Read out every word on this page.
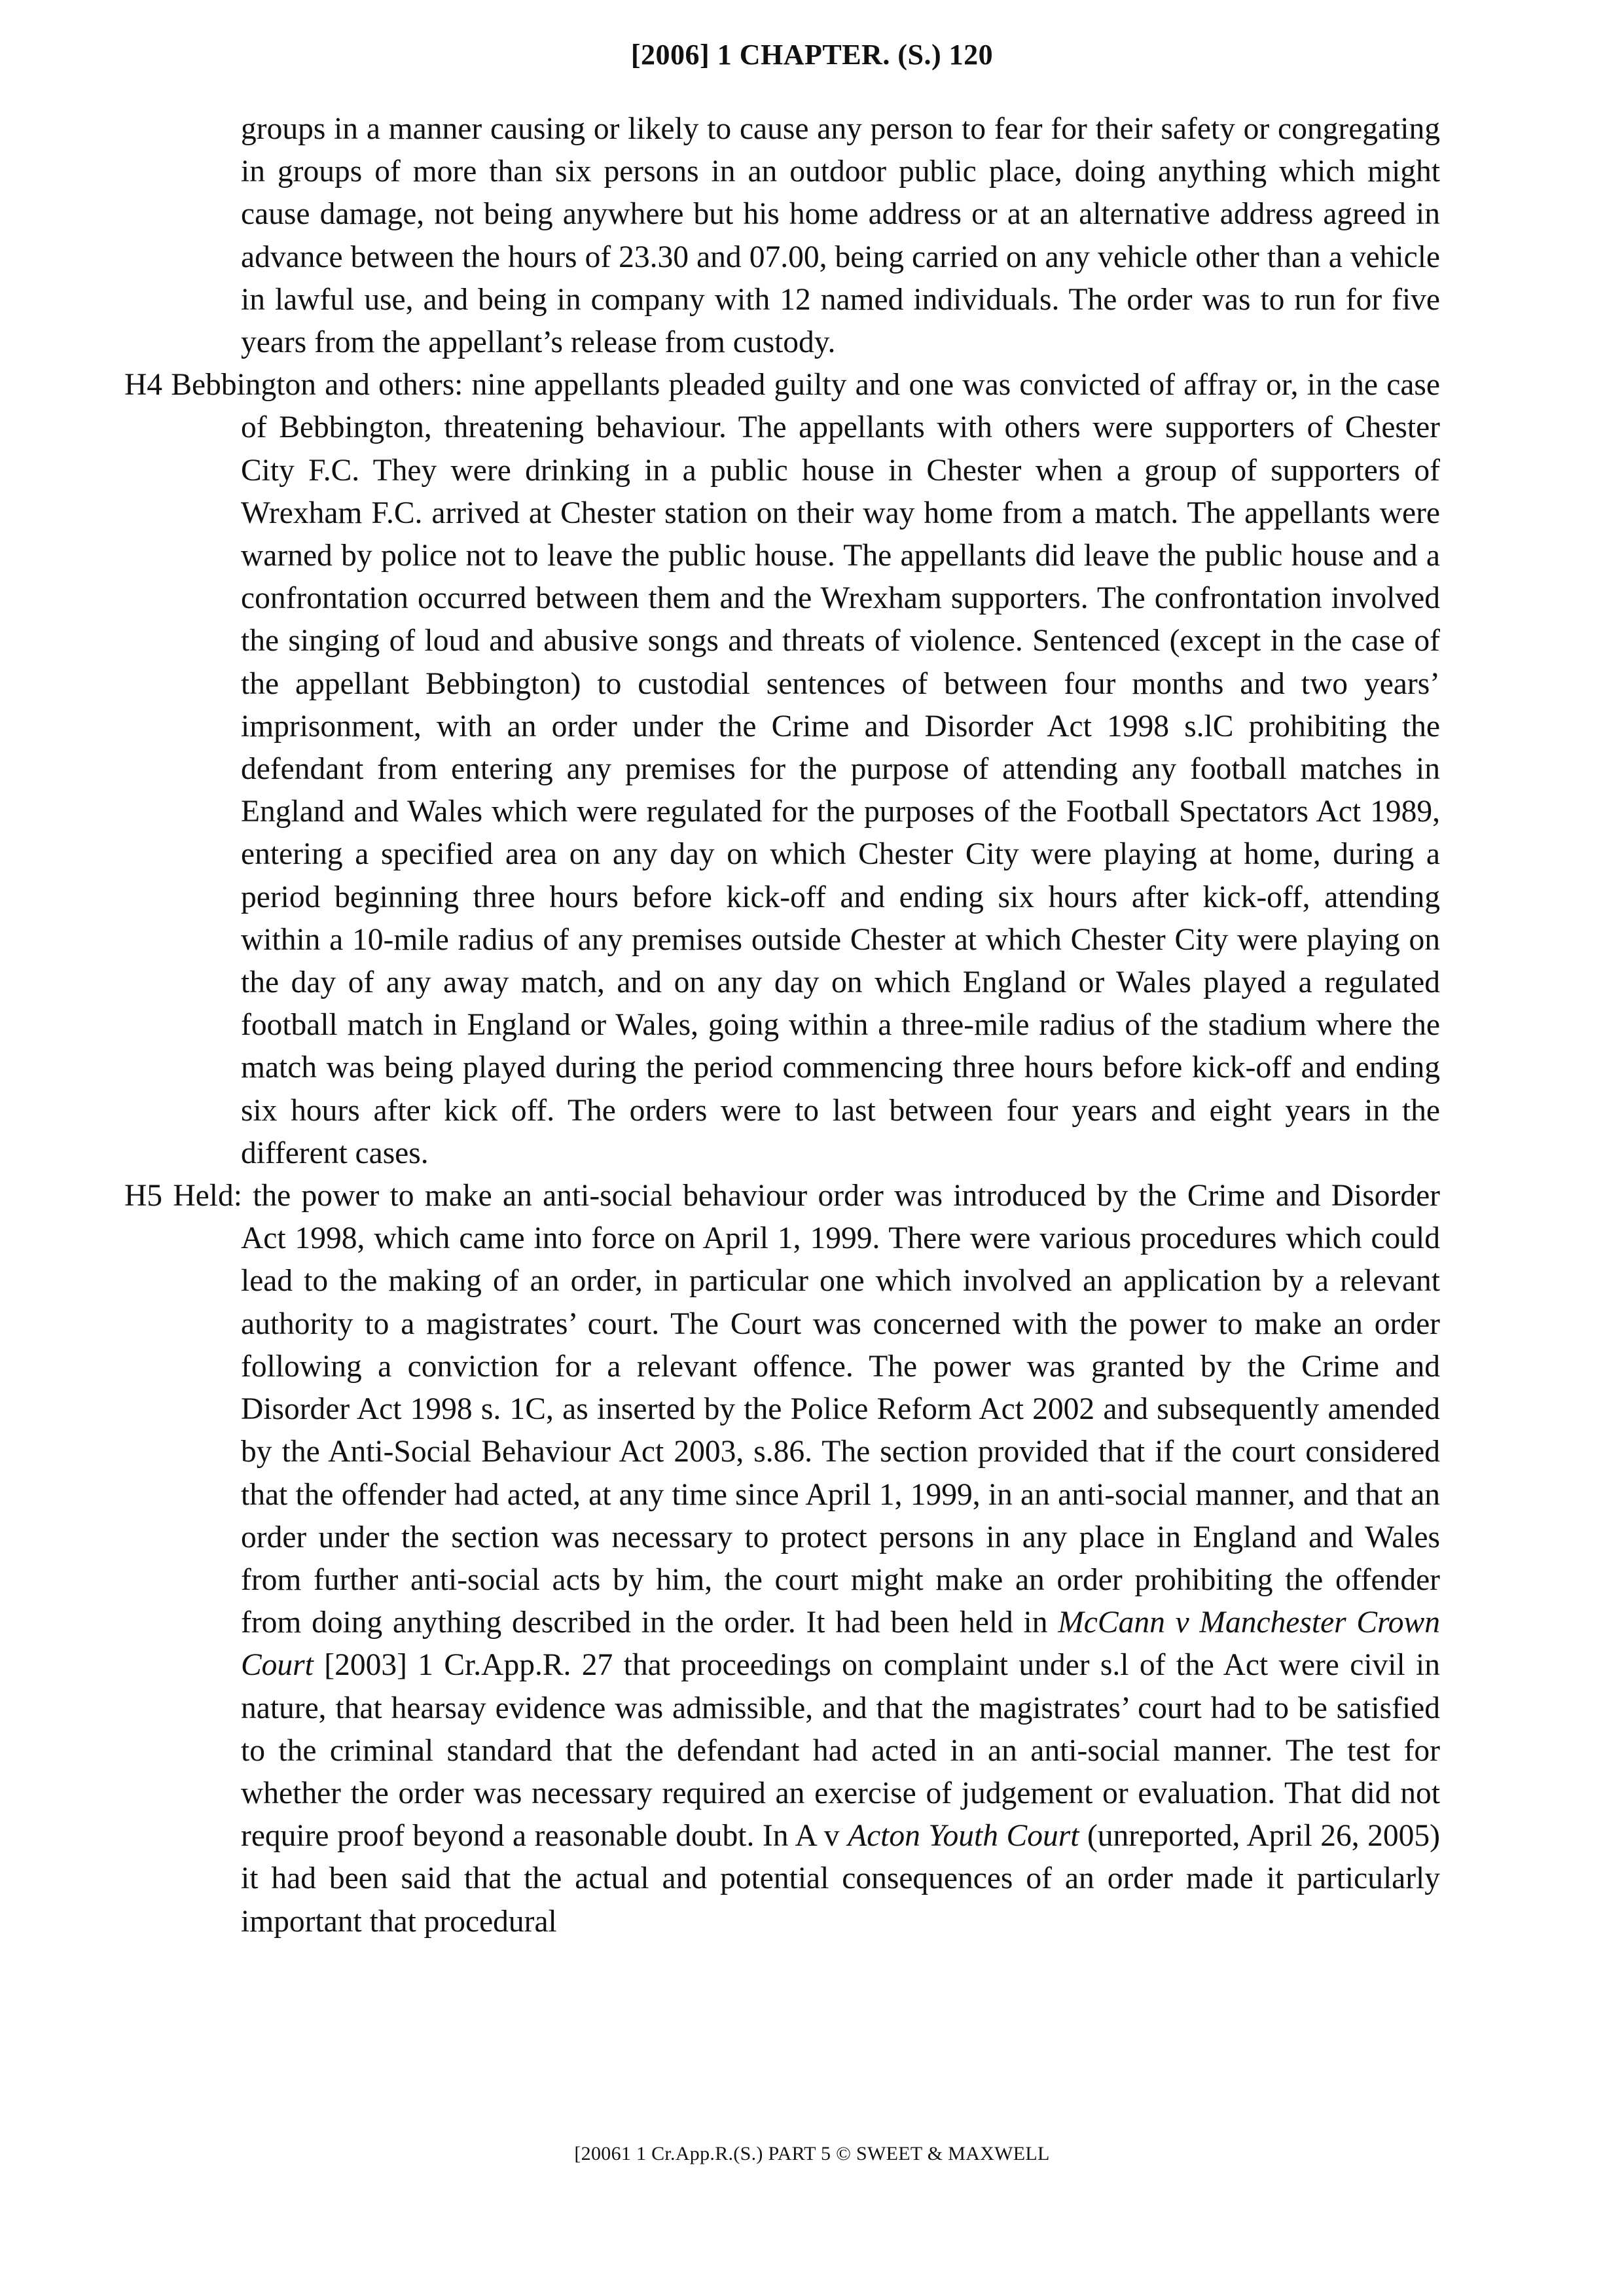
[2006] 1 CHAPTER. (S.) 120

groups in a manner causing or likely to cause any person to fear for their safety or congregating in groups of more than six persons in an outdoor public place, doing anything which might cause damage, not being anywhere but his home address or at an alternative address agreed in advance between the hours of 23.30 and 07.00, being carried on any vehicle other than a vehicle in lawful use, and being in company with 12 named individuals. The order was to run for five years from the appellant’s release from custody.

H4 Bebbington and others: nine appellants pleaded guilty and one was convicted of affray or, in the case of Bebbington, threatening behaviour. The appellants with others were supporters of Chester City F.C. They were drinking in a public house in Chester when a group of supporters of Wrexham F.C. arrived at Chester station on their way home from a match. The appellants were warned by police not to leave the public house. The appellants did leave the public house and a confrontation occurred between them and the Wrexham supporters. The confrontation involved the singing of loud and abusive songs and threats of violence. Sentenced (except in the case of the appellant Bebbington) to custodial sentences of between four months and two years’ imprisonment, with an order under the Crime and Disorder Act 1998 s.lC prohibiting the defendant from entering any premises for the purpose of attending any football matches in England and Wales which were regulated for the purposes of the Football Spectators Act 1989, entering a specified area on any day on which Chester City were playing at home, during a period beginning three hours before kick-off and ending six hours after kick-off, attending within a 10-mile radius of any premises outside Chester at which Chester City were playing on the day of any away match, and on any day on which England or Wales played a regulated football match in England or Wales, going within a three-mile radius of the stadium where the match was being played during the period commencing three hours before kick-off and ending six hours after kick off. The orders were to last between four years and eight years in the different cases.

H5 Held: the power to make an anti-social behaviour order was introduced by the Crime and Disorder Act 1998, which came into force on April 1, 1999. There were various procedures which could lead to the making of an order, in particular one which involved an application by a relevant authority to a magistrates’ court. The Court was concerned with the power to make an order following a conviction for a relevant offence. The power was granted by the Crime and Disorder Act 1998 s. 1C, as inserted by the Police Reform Act 2002 and subsequently amended by the Anti-Social Behaviour Act 2003, s.86. The section provided that if the court considered that the offender had acted, at any time since April 1, 1999, in an anti-social manner, and that an order under the section was necessary to protect persons in any place in England and Wales from further anti-social acts by him, the court might make an order prohibiting the offender from doing anything described in the order. It had been held in McCann v Manchester Crown Court [2003] 1 Cr.App.R. 27 that proceedings on complaint under s.l of the Act were civil in nature, that hearsay evidence was admissible, and that the magistrates’ court had to be satisfied to the criminal standard that the defendant had acted in an anti-social manner. The test for whether the order was necessary required an exercise of judgement or evaluation. That did not require proof beyond a reasonable doubt. In A v Acton Youth Court (unreported, April 26, 2005) it had been said that the actual and potential consequences of an order made it particularly important that procedural

[20061 1 Cr.App.R.(S.) PART 5 © SWEET & MAXWELL
